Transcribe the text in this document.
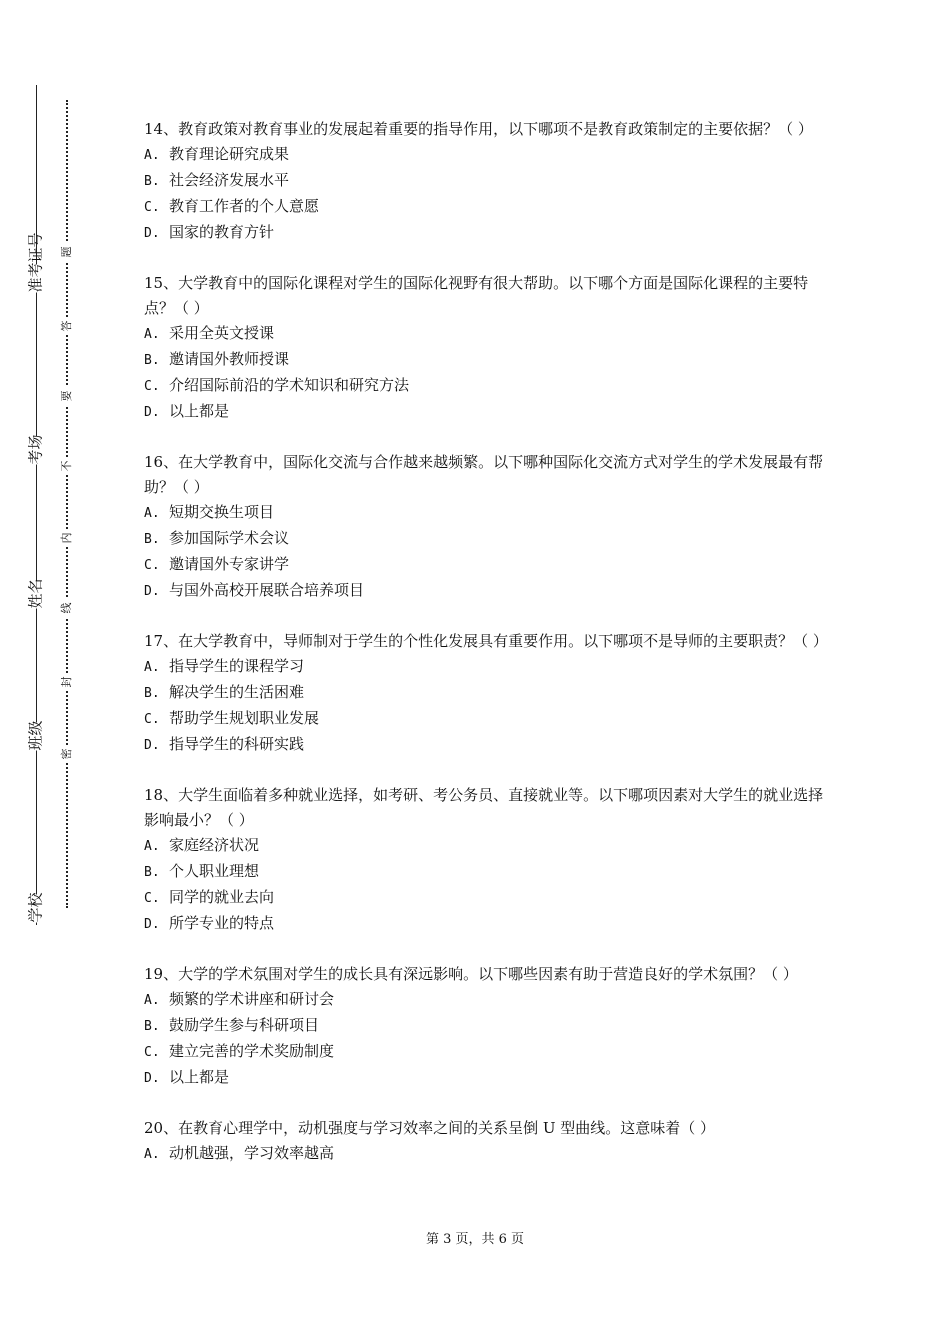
准考证号
考场
姓名
班级
学校
题
答
要
不
内
线
封
密

14、教育政策对教育事业的发展起着重要的指导作用，以下哪项不是教育政策制定的主要依据？（ ）

A. 教育理论研究成果

B. 社会经济发展水平

C. 教育工作者的个人意愿

D. 国家的教育方针

15、大学教育中的国际化课程对学生的国际化视野有很大帮助。以下哪个方面是国际化课程的主要特点？（ ）

A. 采用全英文授课

B. 邀请国外教师授课

C. 介绍国际前沿的学术知识和研究方法

D. 以上都是

16、在大学教育中，国际化交流与合作越来越频繁。以下哪种国际化交流方式对学生的学术发展最有帮助？（ ）

A. 短期交换生项目

B. 参加国际学术会议

C. 邀请国外专家讲学

D. 与国外高校开展联合培养项目

17、在大学教育中，导师制对于学生的个性化发展具有重要作用。以下哪项不是导师的主要职责？（ ）

A. 指导学生的课程学习

B. 解决学生的生活困难

C. 帮助学生规划职业发展

D. 指导学生的科研实践

18、大学生面临着多种就业选择，如考研、考公务员、直接就业等。以下哪项因素对大学生的就业选择影响最小？（ ）

A. 家庭经济状况

B. 个人职业理想

C. 同学的就业去向

D. 所学专业的特点

19、大学的学术氛围对学生的成长具有深远影响。以下哪些因素有助于营造良好的学术氛围？（ ）

A. 频繁的学术讲座和研讨会

B. 鼓励学生参与科研项目

C. 建立完善的学术奖励制度

D. 以上都是

20、在教育心理学中，动机强度与学习效率之间的关系呈倒 U 型曲线。这意味着（ ）

A. 动机越强，学习效率越高

第 3 页，共 6 页
